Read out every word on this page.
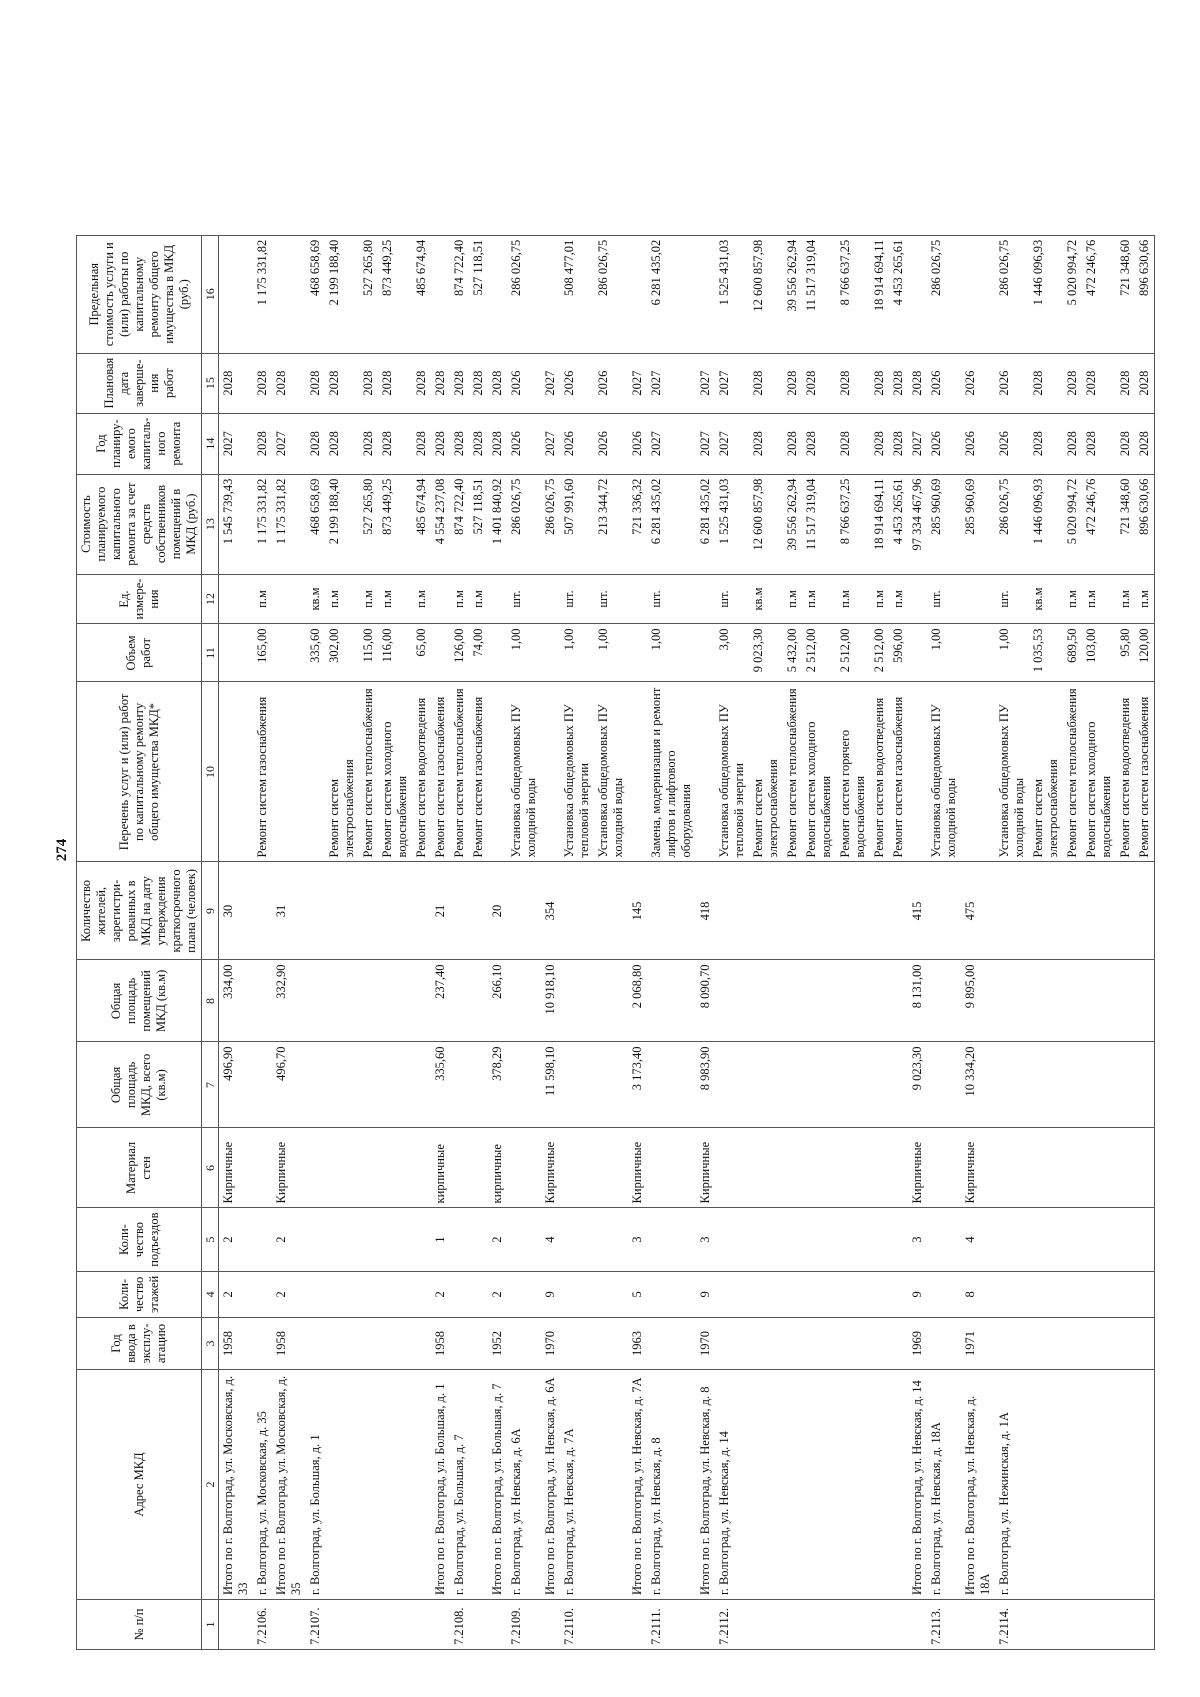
274
№ п/п	Адрес МКД	Год ввода в эксплу-атацию	Коли-чество этажей	Коли-чество подъездов	Материал стен	Общая площадь МКД, всего (кв.м)	Общая площадь помещений МКД (кв.м)	Количество жителей, зарегистри-рованных в МКД на дату утверждения краткосрочного плана (человек)	Перечень услуг и (или) работ по капитальному ремонту общего имущества МКД*	Объем работ	Ед. измере-ния	Стоимость планируемого капитального ремонта за счет средств собственников помещений в МКД (руб.)	Год планиру-емого капиталь-ного ремонта	Плановая дата заверше-ния работ	Предельная стоимость услуги и (или) работы по капитальному ремонту общего имущества в МКД (руб.)
1	2	3	4	5	6	7	8	9	10	11	12	13	14	15	16
	Итого по г. Волгоград, ул. Московская, д. 33	1958	2	2	Кирпичные	496,90	334,00	30				1 545 739,43	2027	2028	
7.2106.	г. Волгоград, ул. Московская, д. 35								Ремонт систем газоснабжения	165,00	п.м	1 175 331,82	2028	2028	1 175 331,82
	Итого по г. Волгоград, ул. Московская, д. 35	1958	2	2	Кирпичные	496,70	332,90	31				1 175 331,82	2027	2028	
7.2107.	г. Волгоград, ул. Большая, д. 1									335,60	кв.м	468 658,69	2028	2028	468 658,69
									Ремонт систем электроснабжения	302,00	п.м	2 199 188,40	2028	2028	2 199 188,40
									Ремонт систем теплоснабжения	115,00	п.м	527 265,80	2028	2028	527 265,80
									Ремонт систем холодного водоснабжения	116,00	п.м	873 449,25	2028	2028	873 449,25
									Ремонт систем водоотведения	65,00	п.м	485 674,94	2028	2028	485 674,94
	Итого по г. Волгоград, ул. Большая, д. 1	1958	2	1	кирпичные	335,60	237,40	21	Ремонт систем газоснабжения			4 554 237,08	2028	2028	
7.2108.	г. Волгоград, ул. Большая, д. 7								Ремонт систем теплоснабжения	126,00	п.м	874 722,40	2028	2028	874 722,40
									Ремонт систем газоснабжения	74,00	п.м	527 118,51	2028	2028	527 118,51
	Итого по г. Волгоград, ул. Большая, д. 7	1952	2	2	кирпичные	378,29	266,10	20				1 401 840,92	2028	2028	
7.2109.	г. Волгоград, ул. Невская, д. 6А								Установка общедомовых ПУ холодной воды	1,00	шт.	286 026,75	2026	2026	286 026,75
	Итого по г. Волгоград, ул. Невская, д. 6А	1970	9	4	Кирпичные	11 598,10	10 918,10	354				286 026,75	2027	2027	
7.2110.	г. Волгоград, ул. Невская, д. 7А								Установка общедомовых ПУ тепловой энергии	1,00	шт.	507 991,60	2026	2026	508 477,01
									Установка общедомовых ПУ холодной воды	1,00	шт.	213 344,72	2026	2026	286 026,75
	Итого по г. Волгоград, ул. Невская, д. 7А	1963	5	3	Кирпичные	3 173,40	2 068,80	145				721 336,32	2026	2027	
7.2111.	г. Волгоград, ул. Невская, д. 8								Замена, модернизация и ремонт лифтов и лифтового оборудования	1,00	шт.	6 281 435,02	2027	2027	6 281 435,02
	Итого по г. Волгоград, ул. Невская, д. 8	1970	9	3	Кирпичные	8 983,90	8 090,70	418				6 281 435,02	2027	2027	
7.2112.	г. Волгоград, ул. Невская, д. 14								Установка общедомовых ПУ тепловой энергии	3,00	шт.	1 525 431,03	2027	2027	1 525 431,03
									Ремонт систем электроснабжения	9 023,30	кв.м	12 600 857,98	2028	2028	12 600 857,98
									Ремонт систем теплоснабжения	5 432,00	п.м	39 556 262,94	2028	2028	39 556 262,94
									Ремонт систем холодного водоснабжения	2 512,00	п.м	11 517 319,04	2028	2028	11 517 319,04
									Ремонт систем горячего водоснабжения	2 512,00	п.м	8 766 637,25	2028	2028	8 766 637,25
									Ремонт систем водоотведения	2 512,00	п.м	18 914 694,11	2028	2028	18 914 694,11
									Ремонт систем газоснабжения	596,00	п.м	4 453 265,61	2028	2028	4 453 265,61
	Итого по г. Волгоград, ул. Невская, д. 14	1969	9	3	Кирпичные	9 023,30	8 131,00	415				97 334 467,96	2027	2028	
7.2113.	г. Волгоград, ул. Невская, д. 18А								Установка общедомовых ПУ холодной воды	1,00	шт.	285 960,69	2026	2026	286 026,75
	Итого по г. Волгоград, ул. Невская, д. 18А	1971	8	4	Кирпичные	10 334,20	9 895,00	475				285 960,69	2026	2026	
7.2114.	г. Волгоград, ул. Нежинская, д. 1А								Установка общедомовых ПУ холодной воды	1,00	шт.	286 026,75	2026	2026	286 026,75
									Ремонт систем электроснабжения	1 035,53	кв.м	1 446 096,93	2028	2028	1 446 096,93
									Ремонт систем теплоснабжения	689,50	п.м	5 020 994,72	2028	2028	5 020 994,72
									Ремонт систем холодного водоснабжения	103,00	п.м	472 246,76	2028	2028	472 246,76
									Ремонт систем водоотведения	95,80	п.м	721 348,60	2028	2028	721 348,60
									Ремонт систем газоснабжения	120,00	п.м	896 630,66	2028	2028	896 630,66
